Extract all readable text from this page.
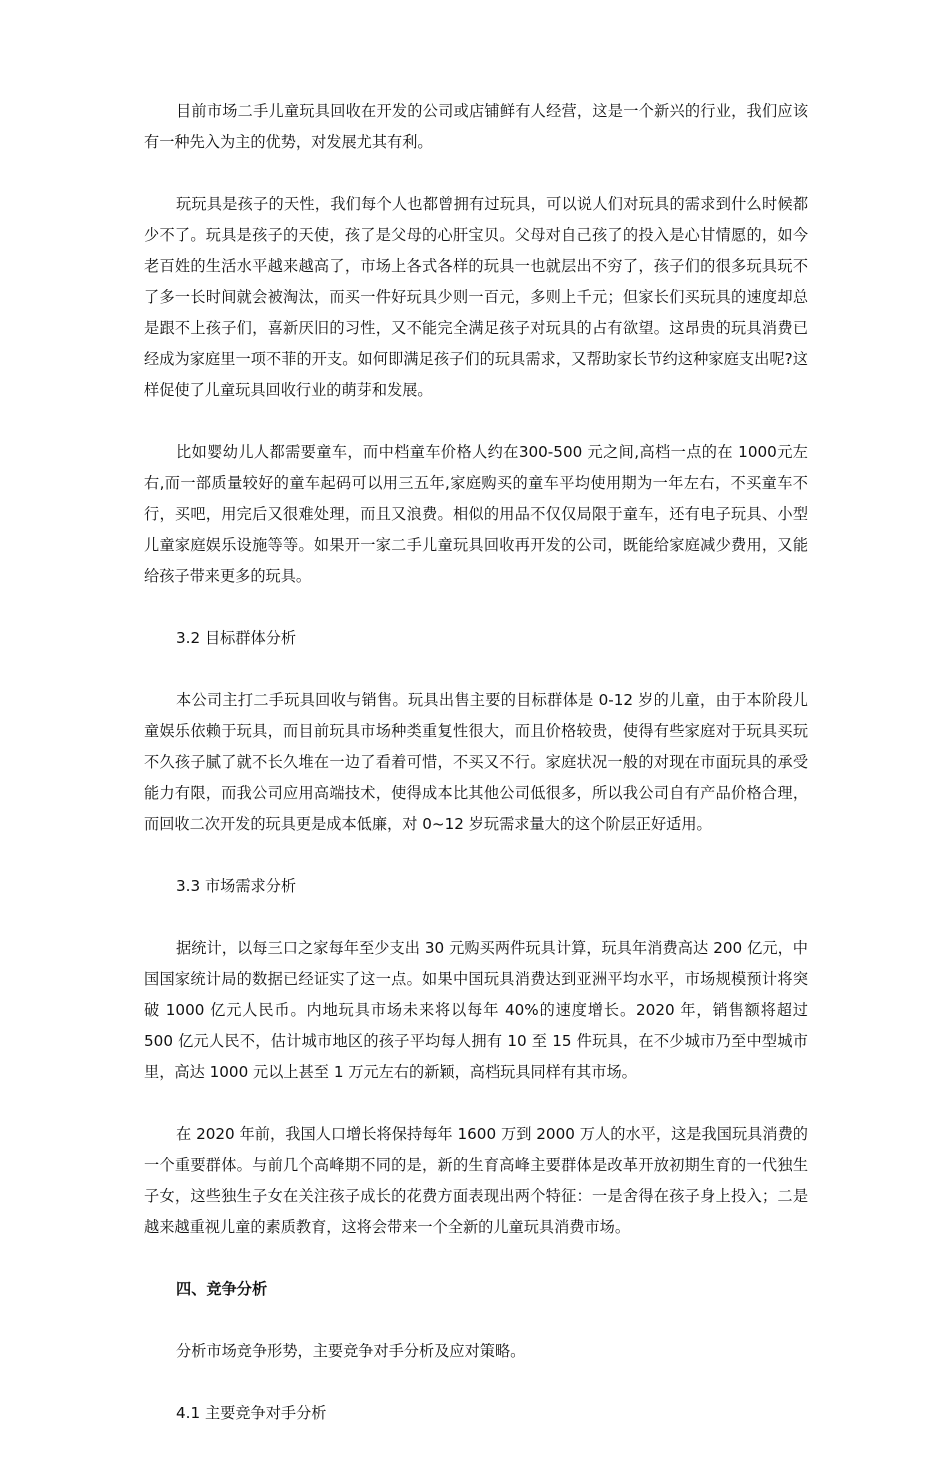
目前市场二手儿童玩具回收在开发的公司或店铺鲜有人经营，这是一个新兴的行业，我们应该有一种先入为主的优势，对发展尤其有利。

玩玩具是孩子的天性，我们每个人也都曾拥有过玩具，可以说人们对玩具的需求到什么时候都少不了。玩具是孩子的天使，孩了是父母的心肝宝贝。父母对自己孩了的投入是心甘情愿的，如今老百姓的生活水平越来越高了，市场上各式各样的玩具一也就层出不穷了，孩子们的很多玩具玩不了多一长时间就会被淘汰，而买一件好玩具少则一百元，多则上千元；但家长们买玩具的速度却总是跟不上孩子们，喜新厌旧的习性，又不能完全满足孩子对玩具的占有欲望。这昂贵的玩具消费已经成为家庭里一项不菲的开支。如何即满足孩子们的玩具需求，又帮助家长节约这种家庭支出呢?这样促使了儿童玩具回收行业的萌芽和发展。

比如婴幼儿人都需要童车，而中档童车价格人约在300-500 元之间,高档一点的在 1000元左右,而一部质量较好的童车起码可以用三五年,家庭购买的童车平均使用期为一年左右，不买童车不行，买吧，用完后又很难处理，而且又浪费。相似的用品不仅仅局限于童车，还有电子玩具、小型儿童家庭娱乐设施等等。如果开一家二手儿童玩具回收再开发的公司，既能给家庭减少费用，又能给孩子带来更多的玩具。

3.2 目标群体分析

本公司主打二手玩具回收与销售。玩具出售主要的目标群体是 0-12 岁的儿童，由于本阶段儿童娱乐依赖于玩具，而目前玩具市场种类重复性很大，而且价格较贵，使得有些家庭对于玩具买玩不久孩子腻了就不长久堆在一边了看着可惜，不买又不行。家庭状况一般的对现在市面玩具的承受能力有限，而我公司应用高端技术，使得成本比其他公司低很多，所以我公司自有产品价格合理，而回收二次开发的玩具更是成本低廉，对 0~12 岁玩需求量大的这个阶层正好适用。

3.3 市场需求分析

据统计，以每三口之家每年至少支出 30 元购买两件玩具计算，玩具年消费高达 200 亿元，中国国家统计局的数据已经证实了这一点。如果中国玩具消费达到亚洲平均水平，市场规模预计将突破 1000 亿元人民币。内地玩具市场未来将以每年 40%的速度增长。2020 年，销售额将超过 500 亿元人民不，估计城市地区的孩子平均每人拥有 10 至 15 件玩具，在不少城市乃至中型城市里，高达 1000 元以上甚至 1 万元左右的新颖，高档玩具同样有其市场。

在 2020 年前，我国人口增长将保持每年 1600 万到 2000 万人的水平，这是我国玩具消费的一个重要群体。与前几个高峰期不同的是，新的生育高峰主要群体是改革开放初期生育的一代独生子女，这些独生子女在关注孩子成长的花费方面表现出两个特征：一是舍得在孩子身上投入；二是越来越重视儿童的素质教育，这将会带来一个全新的儿童玩具消费市场。

四、竞争分析

分析市场竞争形势，主要竞争对手分析及应对策略。

4.1 主要竞争对手分析
